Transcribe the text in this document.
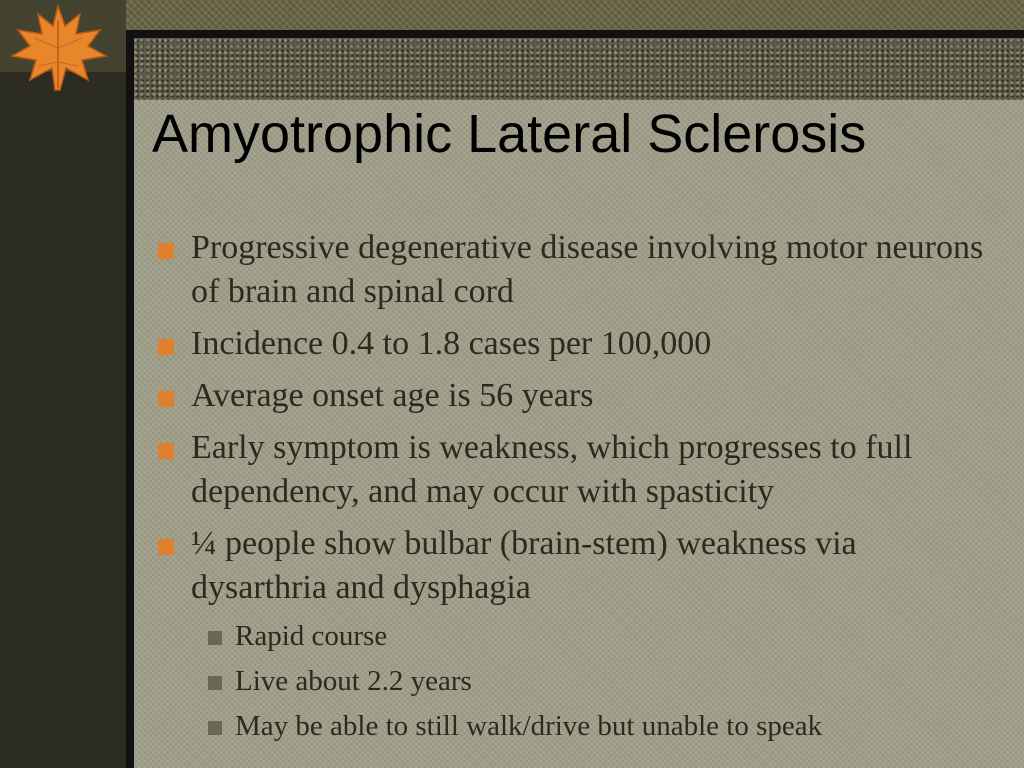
Amyotrophic Lateral Sclerosis
Progressive degenerative disease involving motor neurons of brain and spinal cord
Incidence 0.4 to 1.8 cases per 100,000
Average onset age is 56 years
Early symptom is weakness, which progresses to full dependency, and may occur with spasticity
¼ people show bulbar (brain-stem) weakness via dysarthria and dysphagia
Rapid course
Live about 2.2 years
May be able to still walk/drive but unable to speak
